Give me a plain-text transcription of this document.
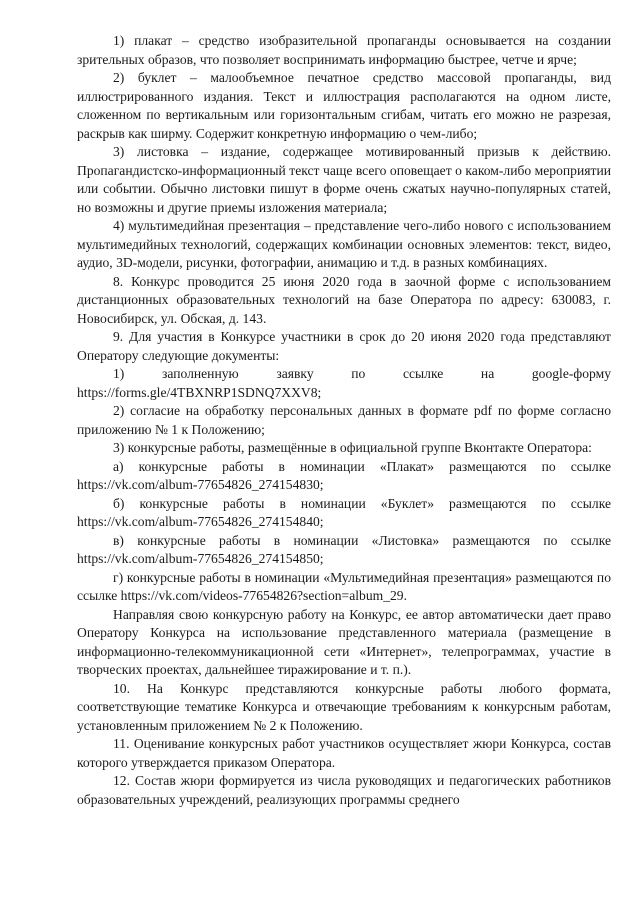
1) плакат – средство изобразительной пропаганды основывается на создании зрительных образов, что позволяет воспринимать информацию быстрее, четче и ярче;

2) буклет – малообъемное печатное средство массовой пропаганды, вид иллюстрированного издания. Текст и иллюстрация располагаются на одном листе, сложенном по вертикальным или горизонтальным сгибам, читать его можно не разрезая, раскрыв как ширму. Содержит конкретную информацию о чем-либо;

3) листовка – издание, содержащее мотивированный призыв к действию. Пропагандистско-информационный текст чаще всего оповещает о каком-либо мероприятии или событии. Обычно листовки пишут в форме очень сжатых научно-популярных статей, но возможны и другие приемы изложения материала;

4) мультимедийная презентация – представление чего-либо нового с использованием мультимедийных технологий, содержащих комбинации основных элементов: текст, видео, аудио, 3D-модели, рисунки, фотографии, анимацию и т.д. в разных комбинациях.

8. Конкурс проводится 25 июня 2020 года в заочной форме с использованием дистанционных образовательных технологий на базе Оператора по адресу: 630083, г. Новосибирск, ул. Обская, д. 143.

9. Для участия в Конкурсе участники в срок до 20 июня 2020 года представляют Оператору следующие документы:

1) заполненную заявку по ссылке на google-форму https://forms.gle/4TBXNRP1SDNQ7XXV8;

2) согласие на обработку персональных данных в формате pdf по форме согласно приложению № 1 к Положению;

3) конкурсные работы, размещённые в официальной группе Вконтакте Оператора:

а) конкурсные работы в номинации «Плакат» размещаются по ссылке https://vk.com/album-77654826_274154830;

б) конкурсные работы в номинации «Буклет» размещаются по ссылке https://vk.com/album-77654826_274154840;

в) конкурсные работы в номинации «Листовка» размещаются по ссылке https://vk.com/album-77654826_274154850;

г) конкурсные работы в номинации «Мультимедийная презентация» размещаются по ссылке https://vk.com/videos-77654826?section=album_29.

Направляя свою конкурсную работу на Конкурс, ее автор автоматически дает право Оператору Конкурса на использование представленного материала (размещение в информационно-телекоммуникационной сети «Интернет», телепрограммах, участие в творческих проектах, дальнейшее тиражирование и т. п.).

10. На Конкурс представляются конкурсные работы любого формата, соответствующие тематике Конкурса и отвечающие требованиям к конкурсным работам, установленным приложением № 2 к Положению.

11. Оценивание конкурсных работ участников осуществляет жюри Конкурса, состав которого утверждается приказом Оператора.

12. Состав жюри формируется из числа руководящих и педагогических работников образовательных учреждений, реализующих программы среднего
